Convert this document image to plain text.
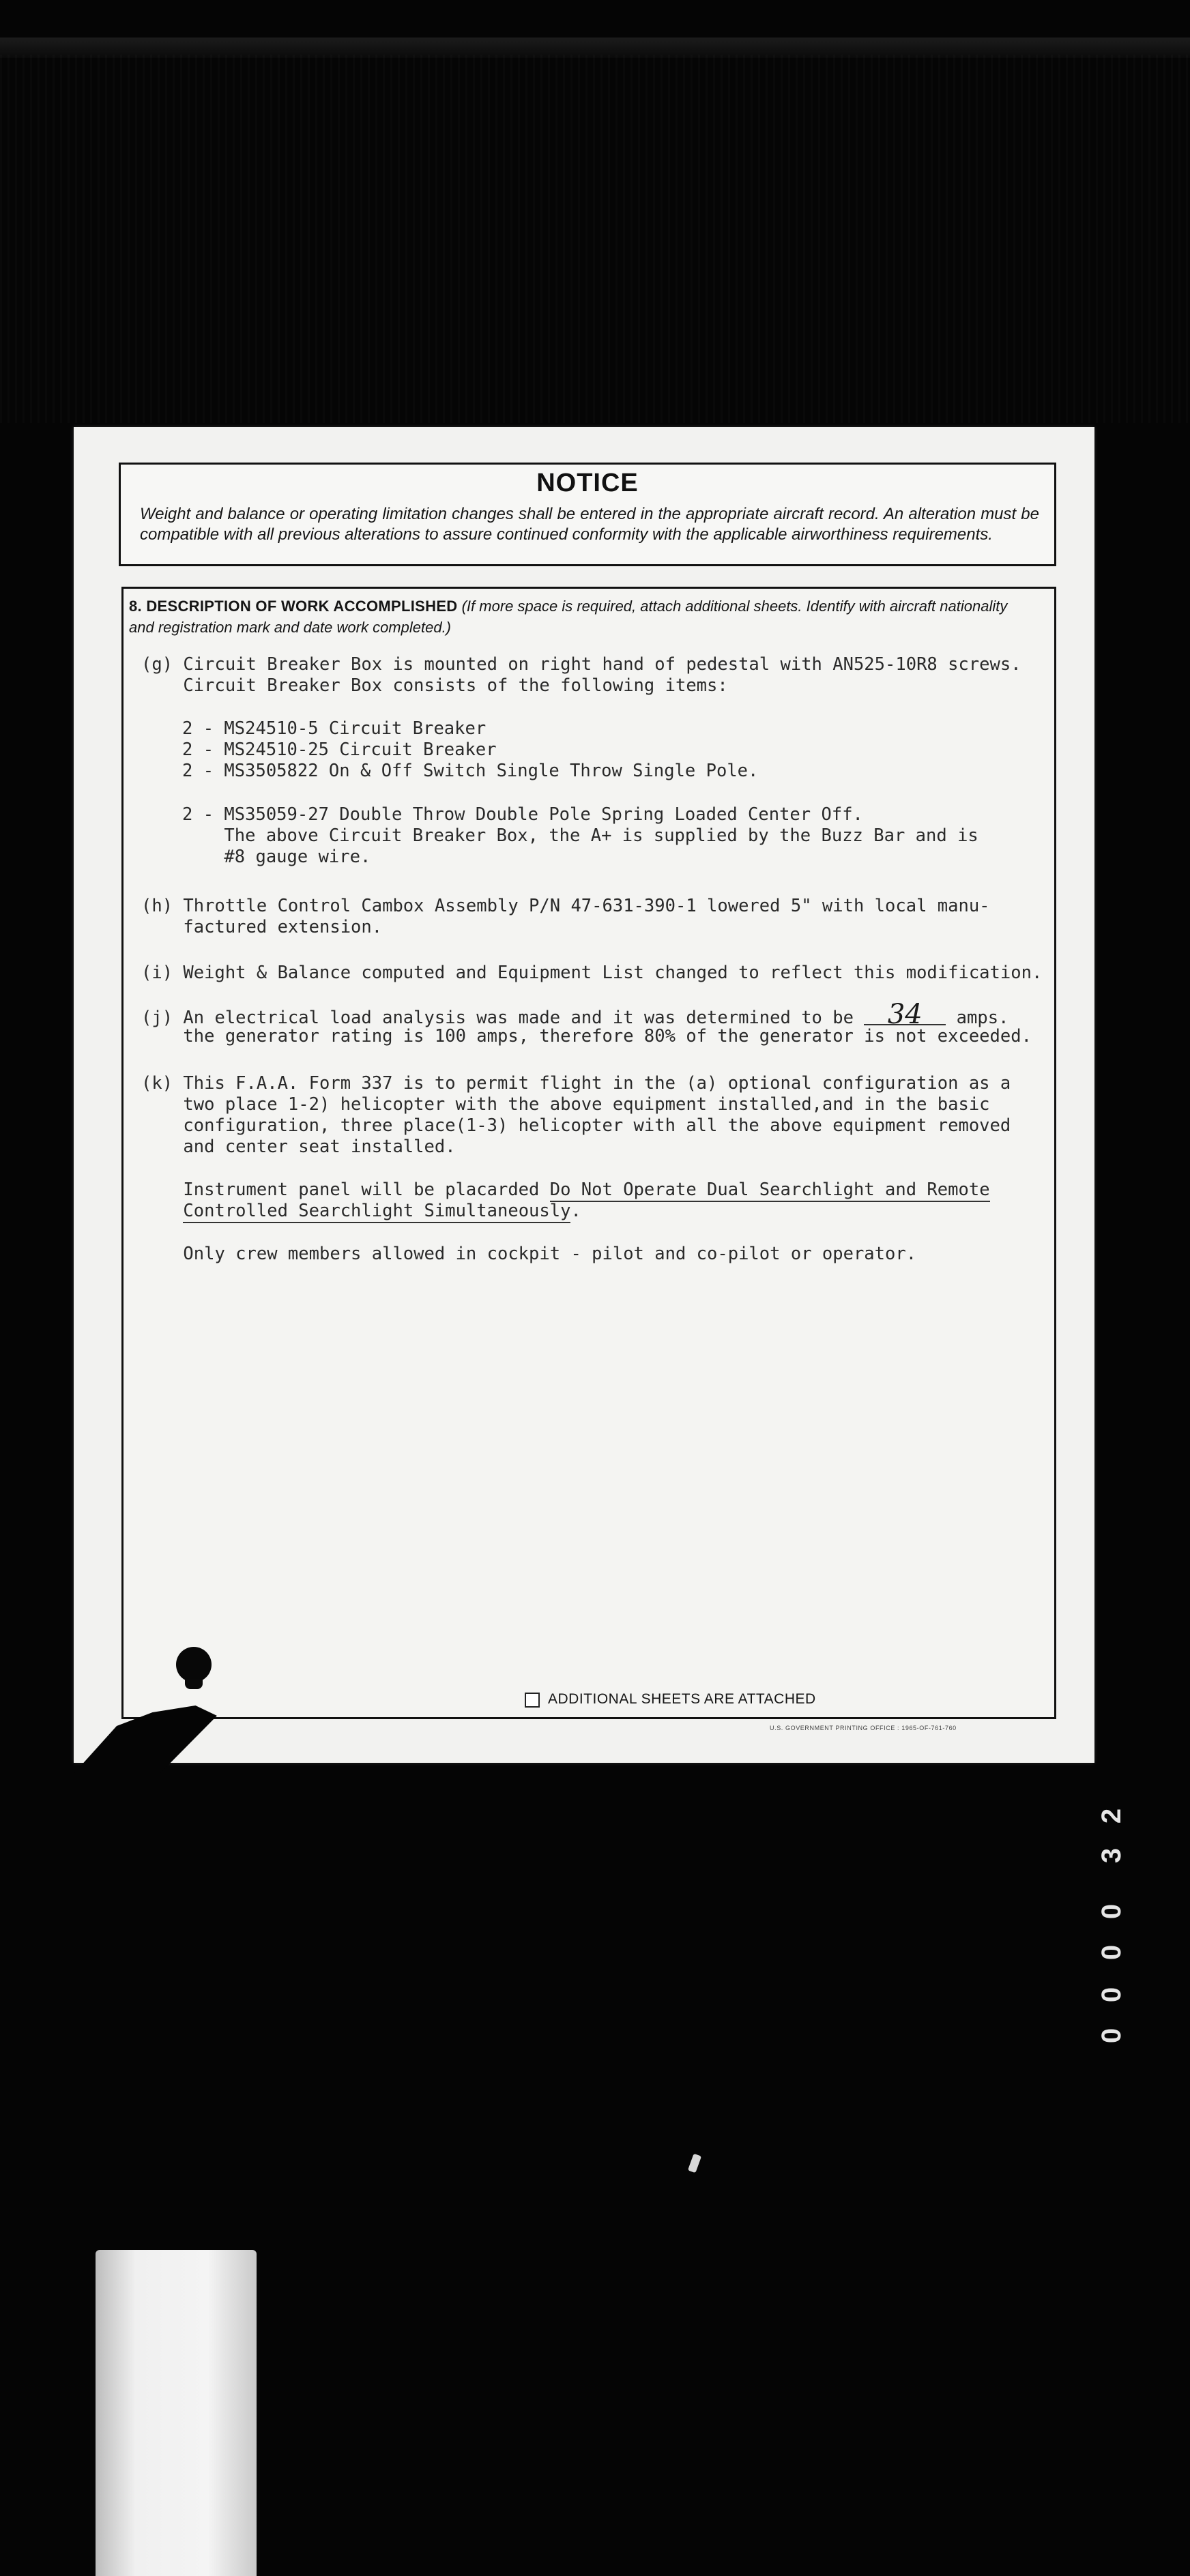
NOTICE
Weight and balance or operating limitation changes shall be entered in the appropriate aircraft record. An alteration must be compatible with all previous alterations to assure continued conformity with the applicable airworthiness requirements.
8. DESCRIPTION OF WORK ACCOMPLISHED (If more space is required, attach additional sheets. Identify with aircraft nationality and registration mark and date work completed.)
(g) Circuit Breaker Box is mounted on right hand of pedestal with AN525-10R8 screws.
Circuit Breaker Box consists of the following items:
2 - MS24510-5 Circuit Breaker
2 - MS24510-25 Circuit Breaker
2 - MS3505822 On & Off Switch Single Throw Single Pole.
2 - MS35059-27 Double Throw Double Pole Spring Loaded Center Off.
The above Circuit Breaker Box, the A+ is supplied by the Buzz Bar and is
#8 gauge wire.
(h) Throttle Control Cambox Assembly P/N 47-631-390-1 lowered 5" with local manu-
factured extension.
(i) Weight & Balance computed and Equipment List changed to reflect this modification.
(j) An electrical load analysis was made and it was determined to be 34 amps.
the generator rating is 100 amps, therefore 80% of the generator is not exceeded.
(k) This F.A.A. Form 337 is to permit flight in the (a) optional configuration as a
two place 1-2) helicopter with the above equipment installed,and in the basic
configuration, three place(1-3) helicopter with all the above equipment removed
and center seat installed.
Instrument panel will be placarded Do Not Operate Dual Searchlight and Remote
Controlled Searchlight Simultaneously.
Only crew members allowed in cockpit - pilot and co-pilot or operator.
ADDITIONAL SHEETS ARE ATTACHED
U.S. GOVERNMENT PRINTING OFFICE : 1965-OF-761-760
2
3
0
0
0
0
